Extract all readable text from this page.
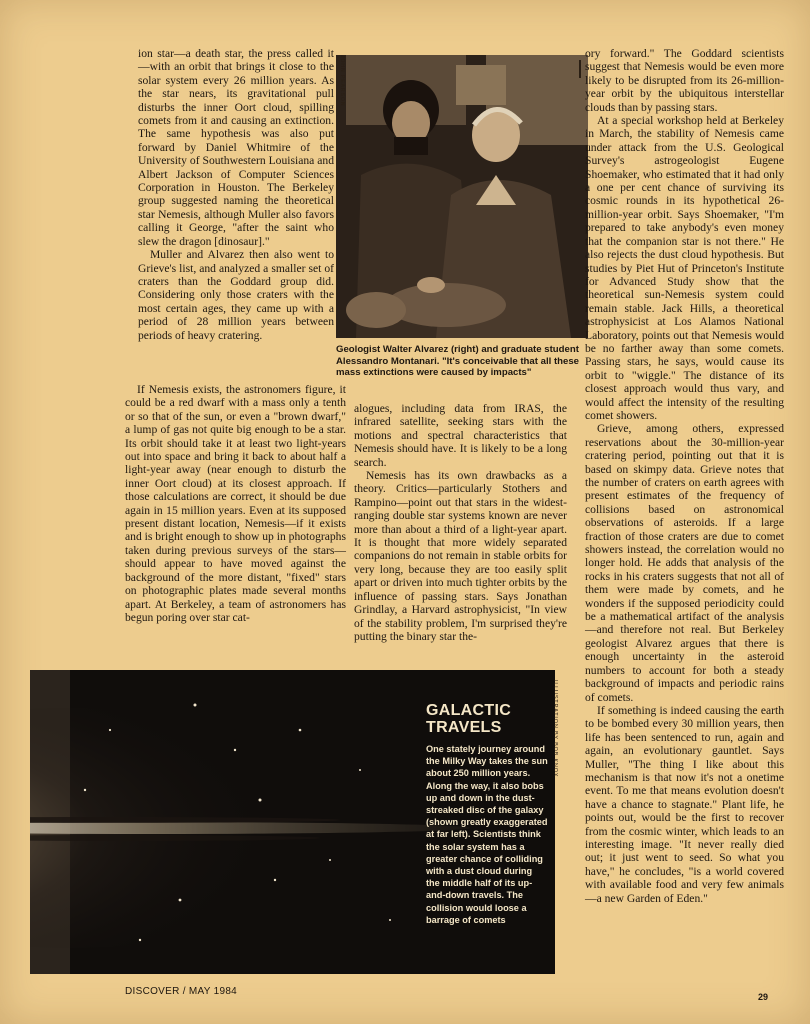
ion star—a death star, the press called it—with an orbit that brings it close to the solar system every 26 million years. As the star nears, its gravitational pull disturbs the inner Oort cloud, spilling comets from it and causing an extinction. The same hypothesis was also put forward by Daniel Whitmire of the University of Southwestern Louisiana and Albert Jackson of Computer Sciences Corporation in Houston. The Berkeley group suggested naming the theoretical star Nemesis, although Muller also favors calling it George, "after the saint who slew the dragon [dinosaur]."

Muller and Alvarez then also went to Grieve's list, and analyzed a smaller set of craters than the Goddard group did. Considering only those craters with the most certain ages, they came up with a period of 28 million years between periods of heavy cratering.

JOHN PEARSON
Geologist Walter Alvarez (right) and graduate student Alessandro Montanari. "It's conceivable that all these mass extinctions were caused by impacts"

If Nemesis exists, the astronomers figure, it could be a red dwarf with a mass only a tenth or so that of the sun, or even a "brown dwarf," a lump of gas not quite big enough to be a star. Its orbit should take it at least two light-years out into space and bring it back to about half a light-year away (near enough to disturb the inner Oort cloud) at its closest approach. If those calculations are correct, it should be due again in 15 million years. Even at its supposed present distant location, Nemesis—if it exists and is bright enough to show up in photographs taken during previous surveys of the stars—should appear to have moved against the background of the more distant, "fixed" stars on photographic plates made several months apart. At Berkeley, a team of astronomers has begun poring over star cat-

alogues, including data from IRAS, the infrared satellite, seeking stars with the motions and spectral characteristics that Nemesis should have. It is likely to be a long search.

Nemesis has its own drawbacks as a theory. Critics—particularly Stothers and Rampino—point out that stars in the widest-ranging double star systems known are never more than about a third of a light-year apart. It is thought that more widely separated companions do not remain in stable orbits for very long, because they are too easily split apart or driven into much tighter orbits by the influence of passing stars. Says Jonathan Grindlay, a Harvard astrophysicist, "In view of the stability problem, I'm surprised they're putting the binary star the-

ory forward." The Goddard scientists suggest that Nemesis would be even more likely to be disrupted from its 26-million-year orbit by the ubiquitous interstellar clouds than by passing stars.

At a special workshop held at Berkeley in March, the stability of Nemesis came under attack from the U.S. Geological Survey's astrogeologist Eugene Shoemaker, who estimated that it had only a one per cent chance of surviving its cosmic rounds in its hypothetical 26-million-year orbit. Says Shoemaker, "I'm prepared to take anybody's even money that the companion star is not there." He also rejects the dust cloud hypothesis. But studies by Piet Hut of Princeton's Institute for Advanced Study show that the theoretical sun-Nemesis system could remain stable. Jack Hills, a theoretical astrophysicist at Los Alamos National Laboratory, points out that Nemesis would be no farther away than some comets. Passing stars, he says, would cause its orbit to "wiggle." The distance of its closest approach would thus vary, and would affect the intensity of the resulting comet showers.

Grieve, among others, expressed reservations about the 30-million-year cratering period, pointing out that it is based on skimpy data. Grieve notes that the number of craters on earth agrees with present estimates of the frequency of collisions based on astronomical observations of asteroids. If a large fraction of those craters are due to comet showers instead, the correlation would no longer hold. He adds that analysis of the rocks in his craters suggests that not all of them were made by comets, and he wonders if the supposed periodicity could be a mathematical artifact of the analysis—and therefore not real. But Berkeley geologist Alvarez argues that there is enough uncertainty in the asteroid numbers to account for both a steady background of impacts and periodic rains of comets.

If something is indeed causing the earth to be bombed every 30 million years, then life has been sentenced to run, again and again, an evolutionary gauntlet. Says Muller, "The thing I like about this mechanism is that now it's not a onetime event. To me that means evolution doesn't have a chance to stagnate." Plant life, he points out, would be the first to recover from the cosmic winter, which leads to an interesting image. "It never really died out; it just went to seed. So what you have," he concludes, "is a world covered with available food and very few animals—a new Garden of Eden."

GALACTIC TRAVELS

One stately journey around the Milky Way takes the sun about 250 million years. Along the way, it also bobs up and down in the dust-streaked disc of the galaxy (shown greatly exaggerated at far left). Scientists think the solar system has a greater chance of colliding with a dust cloud during the middle half of its up-and-down travels. The collision would loose a barrage of comets

ILLUSTRATION BY BOB KNOX
DISCOVER / MAY 1984	29
